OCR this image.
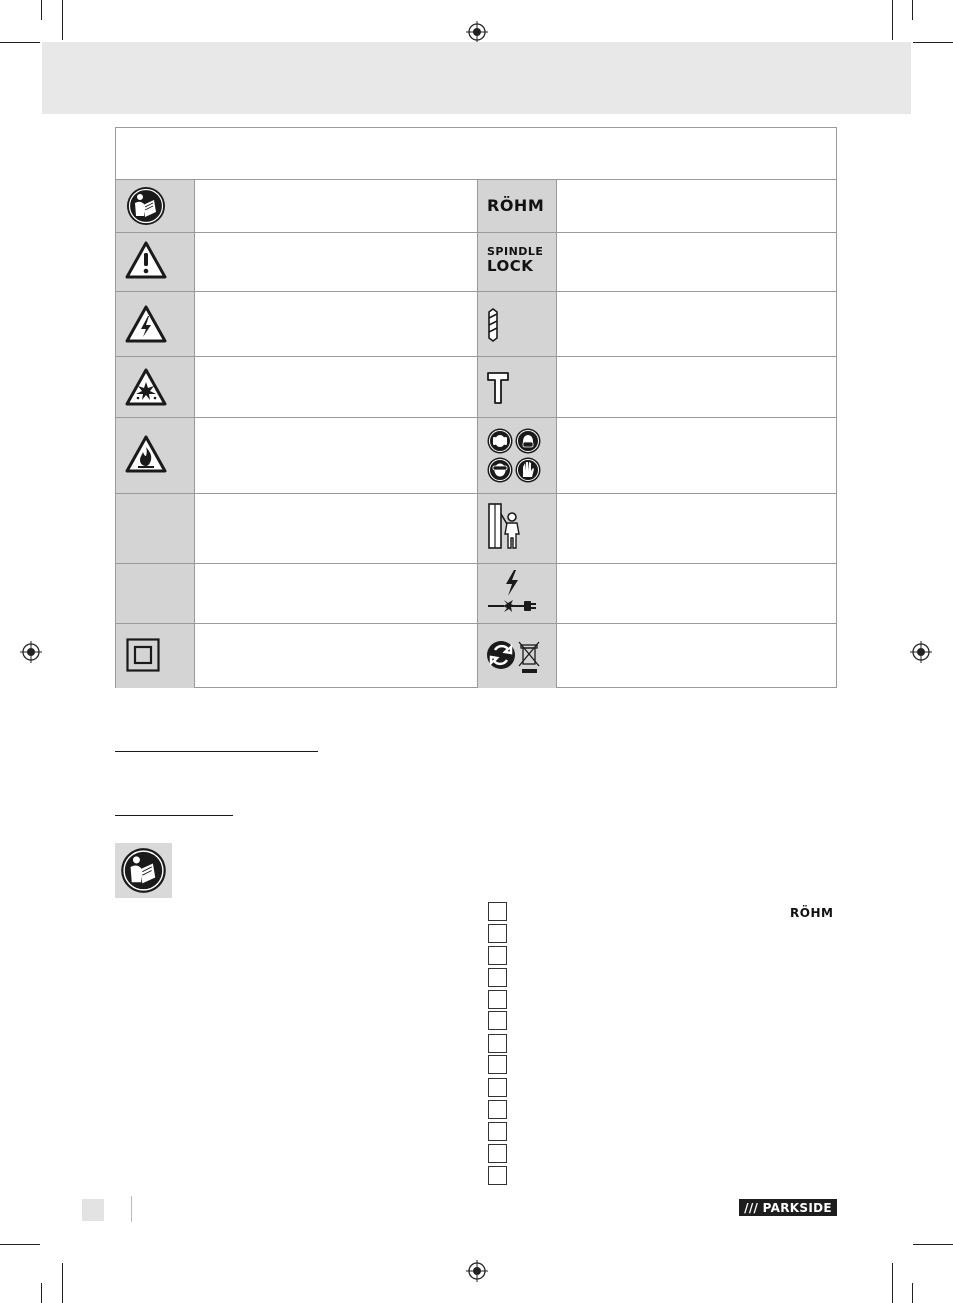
RÖHM
SPINDLE
LOCK
RÖHM
/// PARKSIDE
